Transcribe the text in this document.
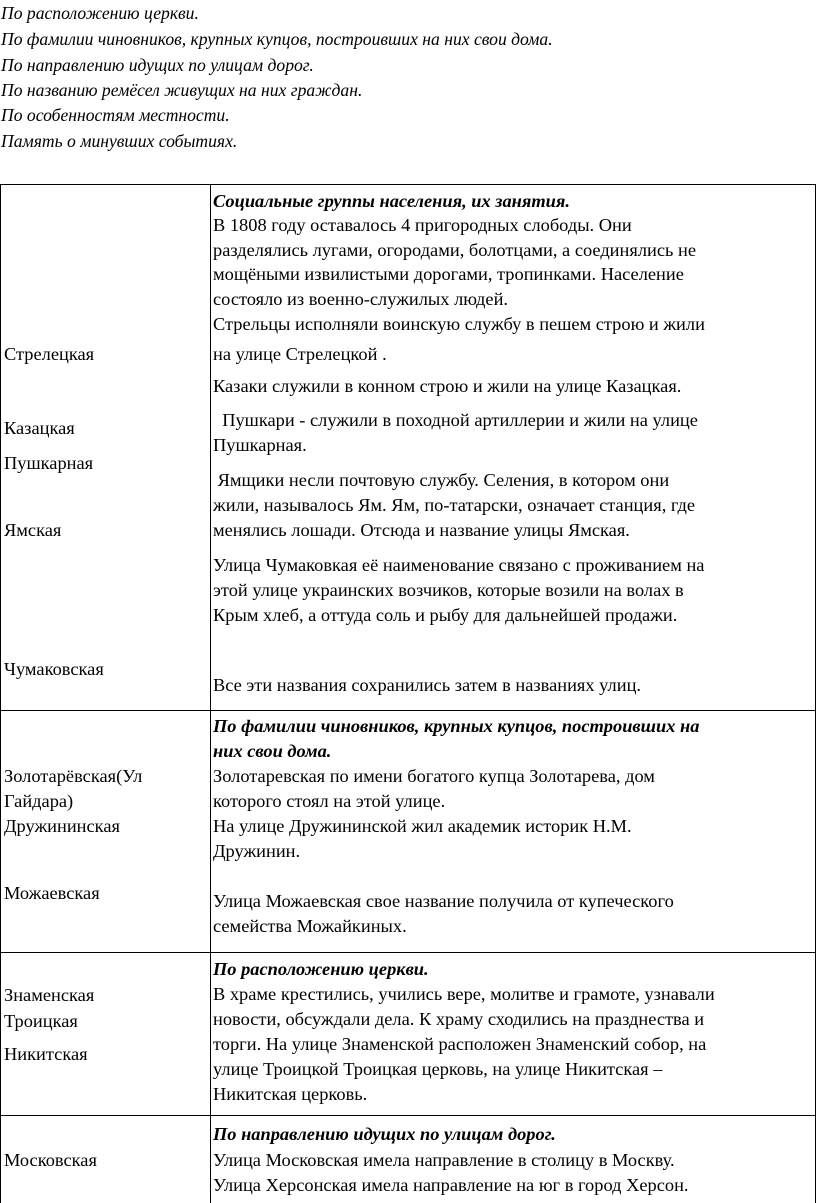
По расположению церкви.
По фамилии чиновников, крупных купцов, построивших на них свои дома.
По направлению идущих по улицам дорог.
По названию ремёсел живущих на них граждан.
По особенностям местности.
Память о минувших событиях.
Стрелецкая
Казацкая
Пушкарная
Ямская
Чумаковская
Социальные группы населения, их занятия.
В 1808 году оставалось 4 пригородных слободы. Они
разделялись лугами, огородами, болотцами, а соединялись не
мощёными извилистыми дорогами, тропинками. Население
состояло из военно-служилых людей.
Стрельцы исполняли воинскую службу в пешем строю и жили
на улице Стрелецкой .
Казаки служили в конном строю и жили на улице Казацкая.
Пушкари - служили в походной артиллерии и жили на улице
Пушкарная.
Ямщики несли почтовую службу. Селения, в котором они
жили, называлось Ям. Ям, по-татарски, означает станция, где
менялись лошади. Отсюда и название улицы Ямская.
Улица Чумаковкая её наименование связано с проживанием на
этой улице украинских возчиков, которые возили на волах в
Крым хлеб, а оттуда соль и рыбу для дальнейшей продажи.
Все эти названия сохранились затем в названиях улиц.
Золотарёвская(Ул
Гайдара)
Дружининская
Можаевская
По фамилии чиновников, крупных купцов, построивших на
них свои дома.
Золотаревская по имени богатого купца Золотарева, дом
которого стоял на этой улице.
На улице Дружининской жил академик историк Н.М.
Дружинин.
Улица Можаевская свое название получила от купеческого
семейства Можайкиных.
Знаменская
Троицкая
Никитская
По расположению церкви.
В храме крестились, учились вере, молитве и грамоте, узнавали
новости, обсуждали дела. К храму сходились на празднества и
торги. На улице Знаменской расположен Знаменский собор, на
улице Троицкой Троицкая церковь, на улице Никитская –
Никитская церковь.
Московская
По направлению идущих по улицам дорог.
Улица Московская имела направление в столицу в Москву.
Улица Херсонская имела направление на юг в город Херсон.
